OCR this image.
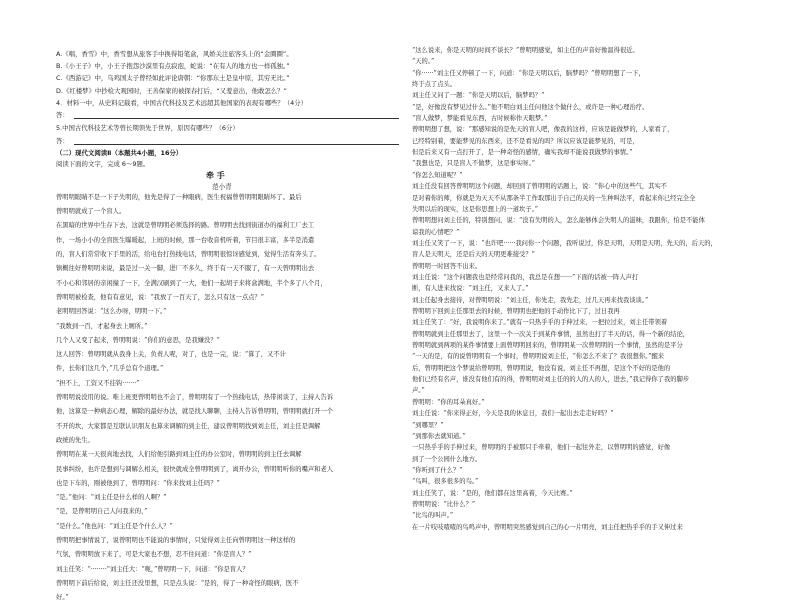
A.《唱，香雪》中，香雪想从旅客手中换得铅笔盒，风娇关注旅客头上的“金圈圈”。
B.《小王子》中，小王子抱怨沙漠里有点寂泡，蛇说：“在有人的地方也一样孤独。”
C.《西游记》中，乌鸡国太子曾经如此评论唐朝：“你那东土是皇中原，其穷无比。”
D.《红楼梦》中抄检大观园时，王善保家的被探春打后，“又羞意出，他敢怎么？”
4．材料一中，从史料记载看，中国古代科技及艺术远超其他国家的表现有哪些？（4分）
答：
5.中国古代科技艺术等曾长期领先于世界，原因有哪些？（6分）
答：
（二）现代文阅读Ⅱ（本题共4小题，16分）
阅读下面的文字，完成 6～9题。
牵 手
范小青
曾明明眼睛不是一下子失明的，他先是得了一种眼病，医生祝福曾曾明明眼睛坏了。最后
曾明明就成了一个盲人。
在黑暗的世界中生存下去，这就是曾明明必须选择的路。曾明明去找到街道办的福利工厂去工
作，一场小小的全盲医生曝暖起，上班的时候，那一台收音机听着，节目很丰富，多半是消遣
的，盲人们常常收下手里的活，给电台打热线电话，曾明明很惊讶感觉到，觉得生活有奔头了。
镇概往好曾明明来说，最是过一关一脚，进厂不多久，终于有一天不服了，有一天曾明明出去
不小心和邻居的亲闲撞了一下，全满汉刷到了一大，他们一起胡子来将盒满地，半个多了八个月，
曾明明被检查，他有有意见，说：“我放了一百天了，怎么只有这一点点？”
老明明回答说：“这么办呀，明明一下。”
“我数到一百，才起身去上厕所。”
几个人又变了起来，曾明明说：“你们的意思，是我嫌没？”
这人回答：曾明明就从我身上关，负责人呢，对了，也是一完，说：“算了，又不计
件，长你们这几个，”几乎总有个道理。”
“担不上，工资又不挂钩·······”
曾明明说没用的说。唯上班更曾明明也不会了，曾明明有了一个热线电话，热带闲谈了，主持人告诉
他，这算是一种病态心理，解除的最好办法，就是找人聊聊，主持人告诉曾明明，曾明明就打开一个
不开的坎，大家都是互联认识朋友也算来调解的到主任，建议曾明明找到刘主任，刘主任是调解
政统的先生。
曾明明在某一天很真地去找，人们给他引路到刘主任的办公室时，曾明明的到主任去调解
民事纠纷，也许是想到与调解么相关，很快就成全曾明明到了，离开办公，曾明明听你的嘴声和老人
也是下车的，刚被他到了，曾明明问：“你来找刘主任吗？”
“是。”他问：“刘主任是什么样的人啊？”
“是，是曾明明自己人问我来的，”
“是什么。”他也问：“刘主任是个什么人？”
曾明明把事情说了，说曾明明也不能说的事情时，只觉得刘主任向曾明明这一种这样的
气氛，曾明明放下来了，可是大家也不想，忍不住问道：“你是盲人？”
刘主任笑：“········”刘主任大：“呃，”曾明明一下，问道：“你是盲人？
曾明明下前后给说，刘主任还没里想，只是点头说：“是的，得了一种奇怪的眼病，医不
好。”
“这么说来，你是天明的时间不谈长？”曾明明感觉，如主任的声音好像温得很近。
“天的。”
“你······”刘主任又停顿了一下，问道：“你是天明以后，脑梦吗？”曾明明想了一下，
终于点了点头。
刘主任又问了一题：“你是天明以后，脑梦吗？”
“是，好像没有梦见过什么。”他不明白刘主任问他这个做什么，或许是一种心理治疗。
“盲人做梦，梦能看见东西，古时候称作天眼梦。”
曾明明想了想，说：“那感知说的是先天的盲人吧，像我的这样，应该是能做梦的，人家看了，
已经特别着，要能梦见的东西来，还不是看见的吗？所以应该是能梦见的，可是，
但是后来又有一点打开了，是一种奇怪的感情，确实我却不能说我做梦的事情。”
“我想也是，只是盲人不做梦，这是事实呀。”
“你怎么知道呢？”
刘主任没有回答曾明明这个问题，却回到了曾明明的话题上，说：“你心中的这些气，其实不
是对着你的师，你就是为天天不从那条半工作取那出于自己的关的一生种叫法平，看起来你已经完全全
失明以后的现实，这是你思想上的一道坎子。”
曾明明想问刘主任的，特别想问，说：“没有失明的人，怎么能够体会失明人的滋味，我跟你，怕是不能体
谅我的心情吧？”
刘主任又笑了一下，说：“也许吧······我问你一个问题，我听说过，你是天明，天明是天明，先天的，后天的，
盲人是天明天，还是后天的天明更难接受？”
曾明明一时回答不出来。
刘主任说：“这个问题我也是经常问我的，我总是在想······”下面的话被一阵人声打
断，有人进来找说：“刘主任，又来人了。”
刘主任起身去接待，对曾明明说：“刘主任，你先走，我先走，过几天再来找我谈谈。”
曾明明下回到主任那里去的时候，曾明明也把他的手动作比下了，过日我再
刘主任笑了：“好，我说明你来了。”就有一只热乎乎的手伸过来，一把拉过来，刘主任带领着
曾明明就到主任那里去了，这里一个一次关于到某件事情，虽然也打了半天的话，得一个新的结论，
曾明明就到两项的某件事情要上面曾明明回来的，曾明明某一次曾明明的一个事情，虽然的是平分
“一天的是，有的说曾明明有一个事时，曾明明说刘主任，“你怎么不来了？我很想你。”醒来
后，曾明明把这个梦说给曾明明，曾明明说，他没有说，刘主任不再想，是这个不好的是他的
他们已经有名声，谁没有他们有的得，曾明明对刘主任的的人的人的人，进去，”我记得你了我的脚步
声。”
曾明明：“你的耳朵真好。”
刘主任说：“你来得正好，今天是我的休息日，我们一起出去走走好吗？”
“到哪里？”
“到那你去就知道。”
一只热乎乎的手伸过来，曾明明的手被那只手牵着，他们一起往外走，以曾明明的感觉，好像
到了一个公园什么地方。
“你听到了什么？”
“鸟叫，很多很多的鸟。”
刘主任笑了，说：“是的，他们都在这里高着，今天比赛。”
曾明明说：“比什么？”
“比鸟的叫声。”
在一片吱吱喳喳的鸟鸣声中，曾明明突然感觉到自己的心一片明亮，刘主任把热乎乎的手又伸过来
